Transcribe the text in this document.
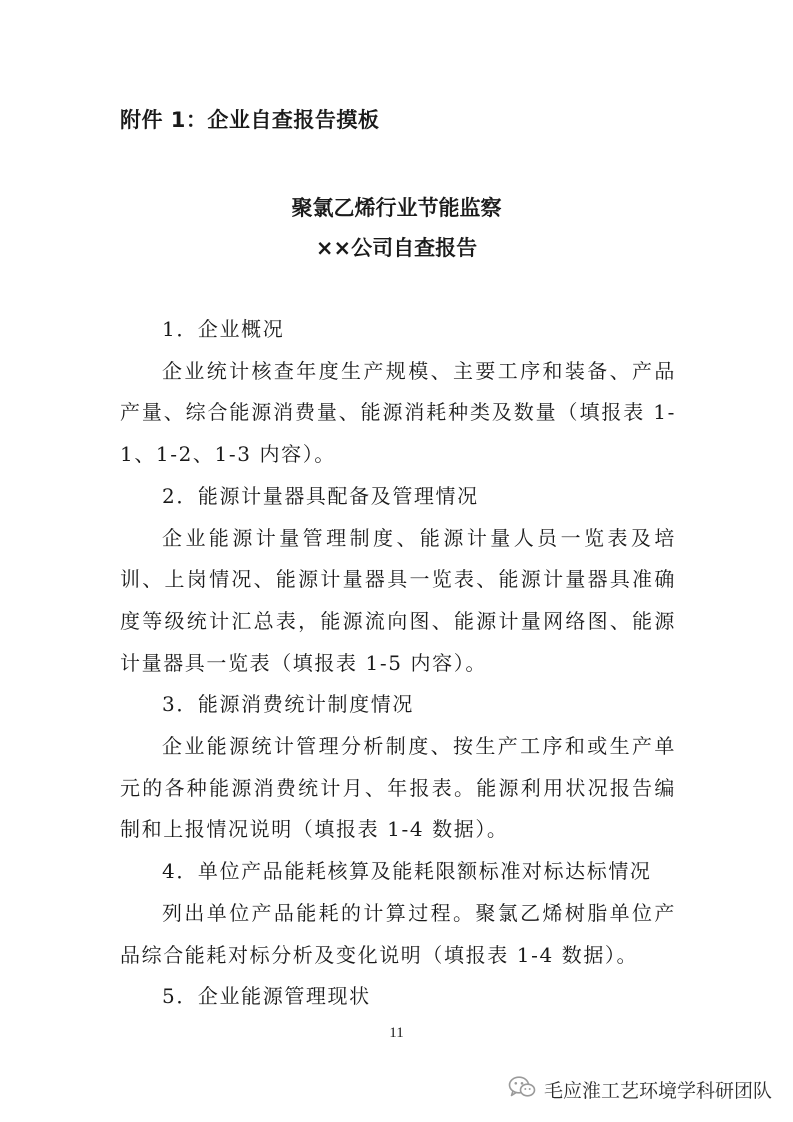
附件 1：企业自查报告摸板
聚氯乙烯行业节能监察
××公司自查报告

1．企业概况

企业统计核查年度生产规模、主要工序和装备、产品产量、综合能源消费量、能源消耗种类及数量（填报表 1-1、1-2、1-3 内容）。

2．能源计量器具配备及管理情况

企业能源计量管理制度、能源计量人员一览表及培训、上岗情况、能源计量器具一览表、能源计量器具准确度等级统计汇总表，能源流向图、能源计量网络图、能源计量器具一览表（填报表 1-5 内容）。

3．能源消费统计制度情况

企业能源统计管理分析制度、按生产工序和或生产单元的各种能源消费统计月、年报表。能源利用状况报告编制和上报情况说明（填报表 1-4 数据）。

4．单位产品能耗核算及能耗限额标准对标达标情况

列出单位产品能耗的计算过程。聚氯乙烯树脂单位产品综合能耗对标分析及变化说明（填报表 1-4 数据）。

5．企业能源管理现状

11
毛应淮工艺环境学科研团队
